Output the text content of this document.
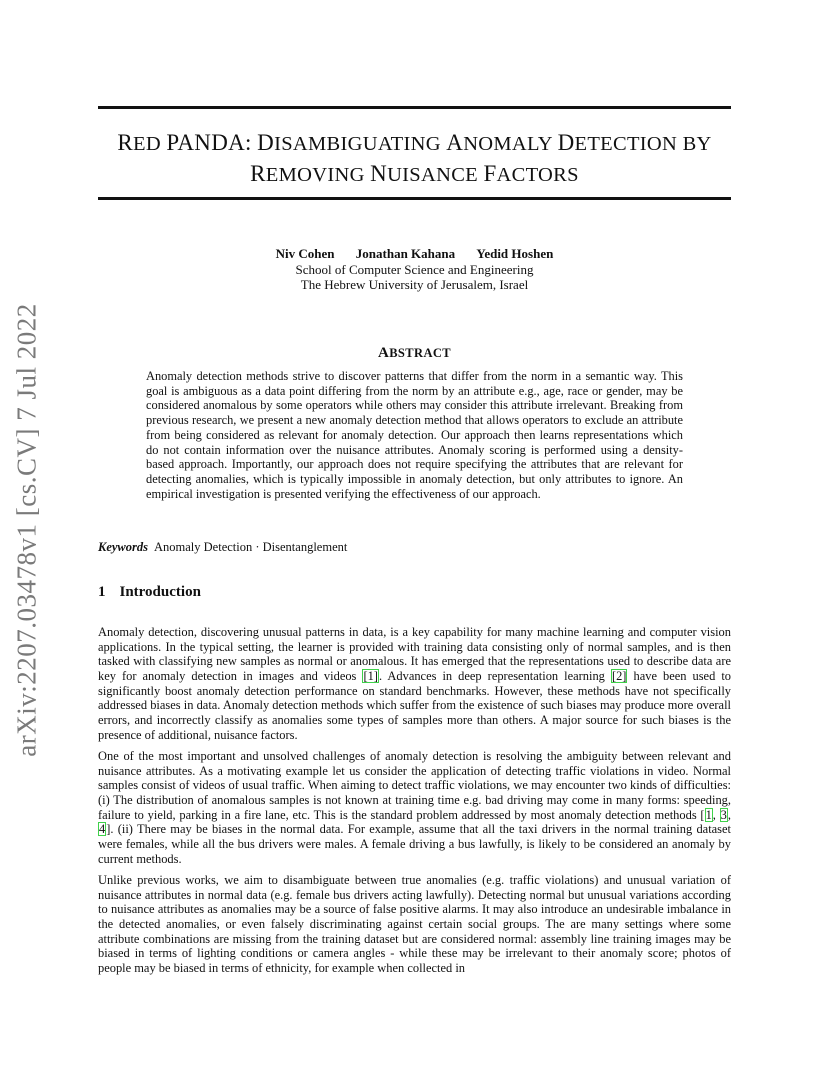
RED PANDA: DISAMBIGUATING ANOMALY DETECTION BY
REMOVING NUISANCE FACTORS
arXiv:2207.03478v1 [cs.CV] 7 Jul 2022
Niv Cohen Jonathan Kahana Yedid Hoshen
School of Computer Science and Engineering
The Hebrew University of Jerusalem, Israel
ABSTRACT

Anomaly detection methods strive to discover patterns that differ from the norm in a semantic way. This goal is ambiguous as a data point differing from the norm by an attribute e.g., age, race or gender, may be considered anomalous by some operators while others may consider this attribute irrelevant. Breaking from previous research, we present a new anomaly detection method that allows operators to exclude an attribute from being considered as relevant for anomaly detection. Our approach then learns representations which do not contain information over the nuisance attributes. Anomaly scoring is performed using a density-based approach. Importantly, our approach does not require specifying the attributes that are relevant for detecting anomalies, which is typically impossible in anomaly detection, but only attributes to ignore. An empirical investigation is presented verifying the effectiveness of our approach.

Keywords Anomaly Detection · Disentanglement
1 Introduction

Anomaly detection, discovering unusual patterns in data, is a key capability for many machine learning and computer vision applications. In the typical setting, the learner is provided with training data consisting only of normal samples, and is then tasked with classifying new samples as normal or anomalous. It has emerged that the representations used to describe data are key for anomaly detection in images and videos [1]. Advances in deep representation learning [2] have been used to significantly boost anomaly detection performance on standard benchmarks. However, these methods have not specifically addressed biases in data. Anomaly detection methods which suffer from the existence of such biases may produce more overall errors, and incorrectly classify as anomalies some types of samples more than others. A major source for such biases is the presence of additional, nuisance factors.

One of the most important and unsolved challenges of anomaly detection is resolving the ambiguity between relevant and nuisance attributes. As a motivating example let us consider the application of detecting traffic violations in video. Normal samples consist of videos of usual traffic. When aiming to detect traffic violations, we may encounter two kinds of difficulties: (i) The distribution of anomalous samples is not known at training time e.g. bad driving may come in many forms: speeding, failure to yield, parking in a fire lane, etc. This is the standard problem addressed by most anomaly detection methods [1, 3, 4]. (ii) There may be biases in the normal data. For example, assume that all the taxi drivers in the normal training dataset were females, while all the bus drivers were males. A female driving a bus lawfully, is likely to be considered an anomaly by current methods.

Unlike previous works, we aim to disambiguate between true anomalies (e.g. traffic violations) and unusual variation of nuisance attributes in normal data (e.g. female bus drivers acting lawfully). Detecting normal but unusual variations according to nuisance attributes as anomalies may be a source of false positive alarms. It may also introduce an undesirable imbalance in the detected anomalies, or even falsely discriminating against certain social groups. The are many settings where some attribute combinations are missing from the training dataset but are considered normal: assembly line training images may be biased in terms of lighting conditions or camera angles - while these may be irrelevant to their anomaly score; photos of people may be biased in terms of ethnicity, for example when collected in
